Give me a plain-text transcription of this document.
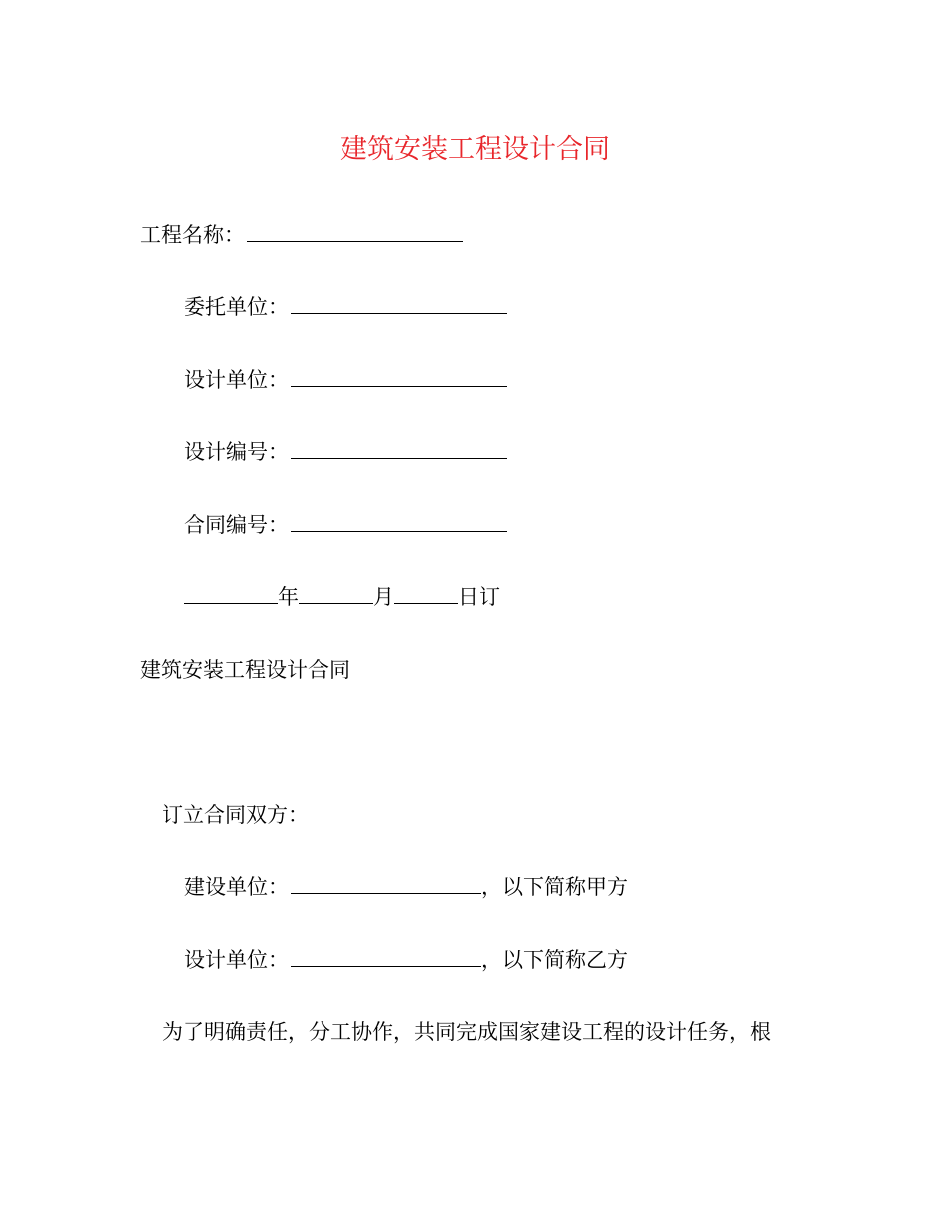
建筑安装工程设计合同
工程名称：
委托单位：
设计单位：
设计编号：
合同编号：
年	月	日订
建筑安装工程设计合同
订立合同双方：
建设单位：	，以下简称甲方
设计单位：	，以下简称乙方
为了明确责任，分工协作，共同完成国家建设工程的设计任务，根
